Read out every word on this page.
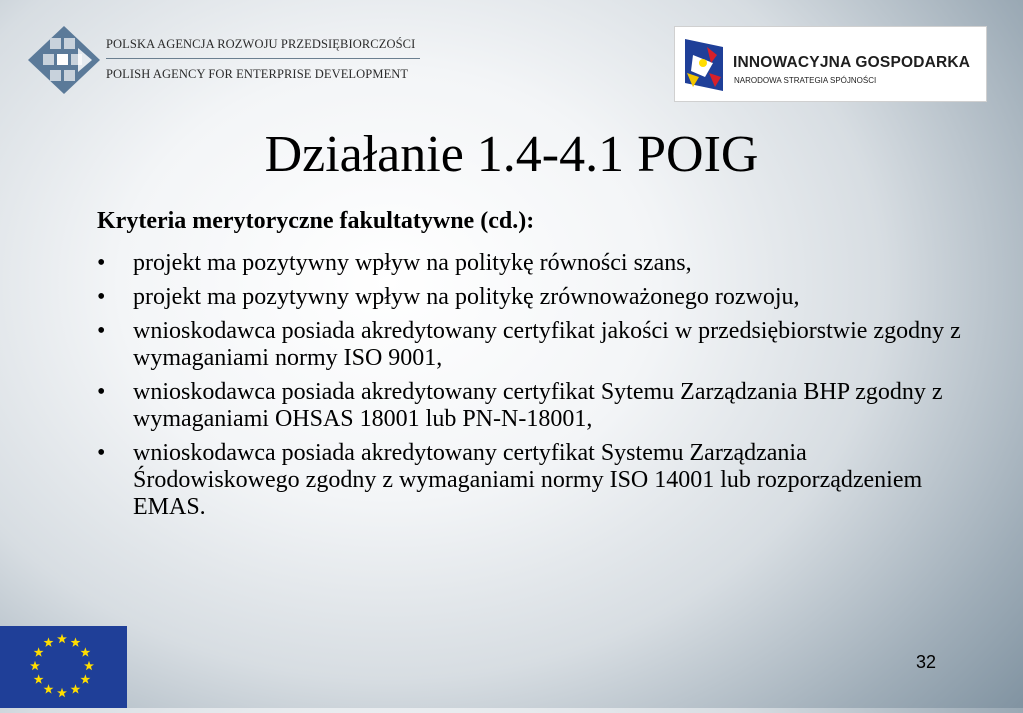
POLSKA AGENCJA ROZWOJU PRZEDSIĘBIORCZOŚCI
POLISH AGENCY FOR ENTERPRISE DEVELOPMENT
INNOWACYJNA GOSPODARKA
NARODOWA STRATEGIA SPÓJNOŚCI
Działanie 1.4-4.1 POIG
Kryteria merytoryczne fakultatywne (cd.):
• projekt ma pozytywny wpływ na politykę równości szans,
• projekt ma pozytywny wpływ na politykę zrównoważonego rozwoju,
• wnioskodawca posiada akredytowany certyfikat jakości w przedsiębiorstwie zgodny z wymaganiami normy ISO 9001,
• wnioskodawca posiada akredytowany certyfikat Sytemu Zarządzania BHP zgodny z wymaganiami OHSAS 18001 lub PN-N-18001,
• wnioskodawca posiada akredytowany certyfikat Systemu Zarządzania Środowiskowego zgodny z wymaganiami normy ISO 14001 lub rozporządzeniem EMAS.
32
